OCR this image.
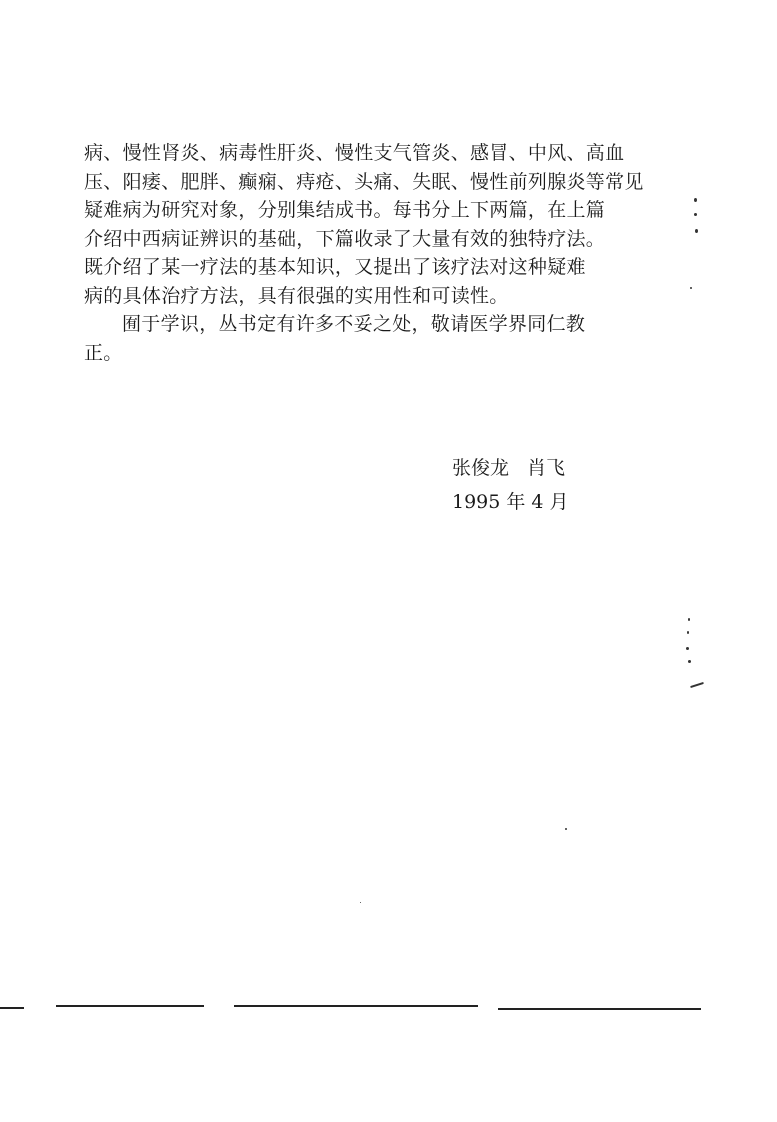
病、慢性肾炎、病毒性肝炎、慢性支气管炎、感冒、中风、高血
压、阳痿、肥胖、癫痫、痔疮、头痛、失眠、慢性前列腺炎等常见
疑难病为研究对象，分别集结成书。每书分上下两篇，在上篇
介绍中西病证辨识的基础，下篇收录了大量有效的独特疗法。
既介绍了某一疗法的基本知识，又提出了该疗法对这种疑难
病的具体治疗方法，具有很强的实用性和可读性。
囿于学识，丛书定有许多不妥之处，敬请医学界同仁教
正。
张俊龙 肖飞
1995 年 4 月
